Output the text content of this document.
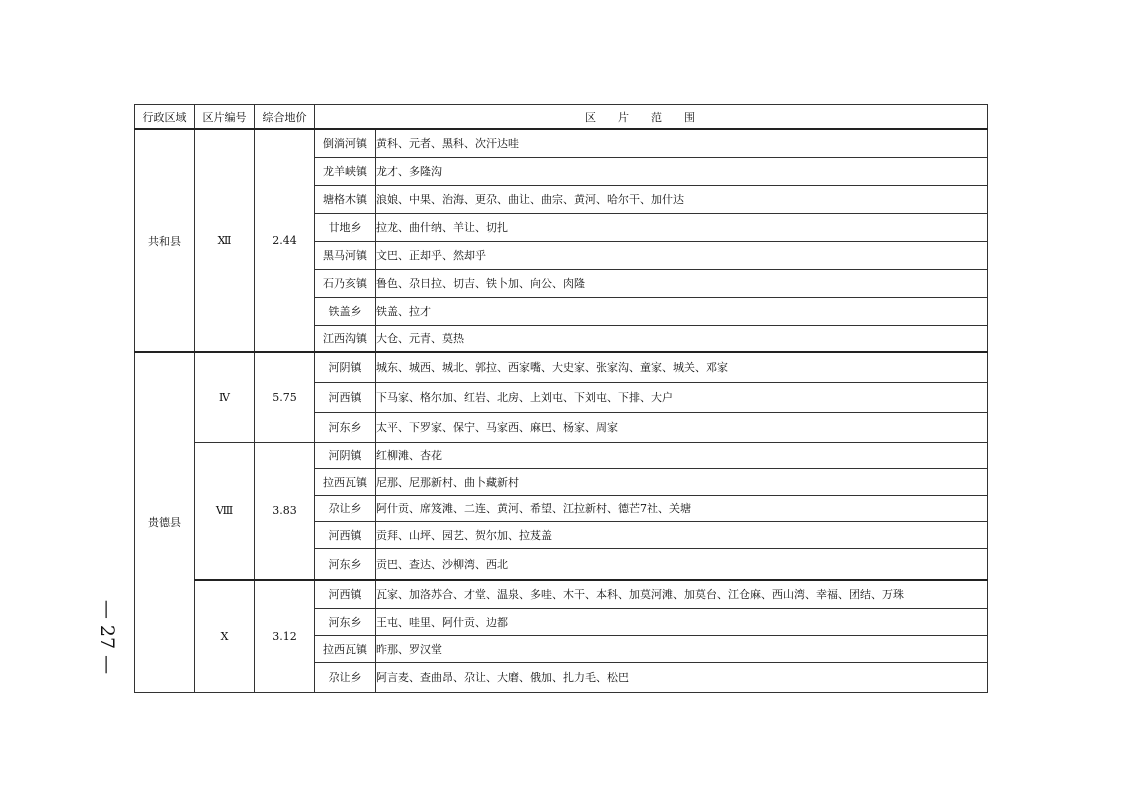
行政区域	区片编号	综合地价	区片范围	
共和县	Ⅻ	2.44	倒淌河镇	黄科、元者、黑科、次汗达哇
			龙羊峡镇	龙才、多隆沟
			塘格木镇	浪娘、中果、治海、更尕、曲让、曲宗、黄河、哈尔干、加什达
			廿地乡	拉龙、曲什纳、羊让、切扎
			黑马河镇	文巴、正却乎、然却乎
			石乃亥镇	鲁色、尕日拉、切吉、铁卜加、向公、肉隆
			铁盖乡	铁盖、拉才
			江西沟镇	大仓、元青、莫热
贵德县	Ⅳ	5.75	河阴镇	城东、城西、城北、郭拉、西家嘴、大史家、张家沟、童家、城关、邓家
			河西镇	下马家、格尔加、红岩、北房、上刘屯、下刘屯、下排、大户
			河东乡	太平、下罗家、保宁、马家西、麻巴、杨家、周家
	Ⅷ	3.83	河阴镇	红柳滩、杏花
			拉西瓦镇	尼那、尼那新村、曲卜藏新村
			尕让乡	阿什贡、席笈滩、二连、黄河、希望、江拉新村、德芒7社、关塘
			河西镇	贡拜、山坪、园艺、贺尔加、拉芨盖
			河东乡	贡巴、查达、沙柳湾、西北
	Ⅹ	3.12	河西镇	瓦家、加洛苏合、才堂、温泉、多哇、木干、本科、加莫河滩、加莫台、江仓麻、西山湾、幸福、团结、万珠
			河东乡	王屯、哇里、阿什贡、边都
			拉西瓦镇	昨那、罗汉堂
			尕让乡	阿言麦、查曲昂、尕让、大磨、俄加、扎力毛、松巴
— 27 —
